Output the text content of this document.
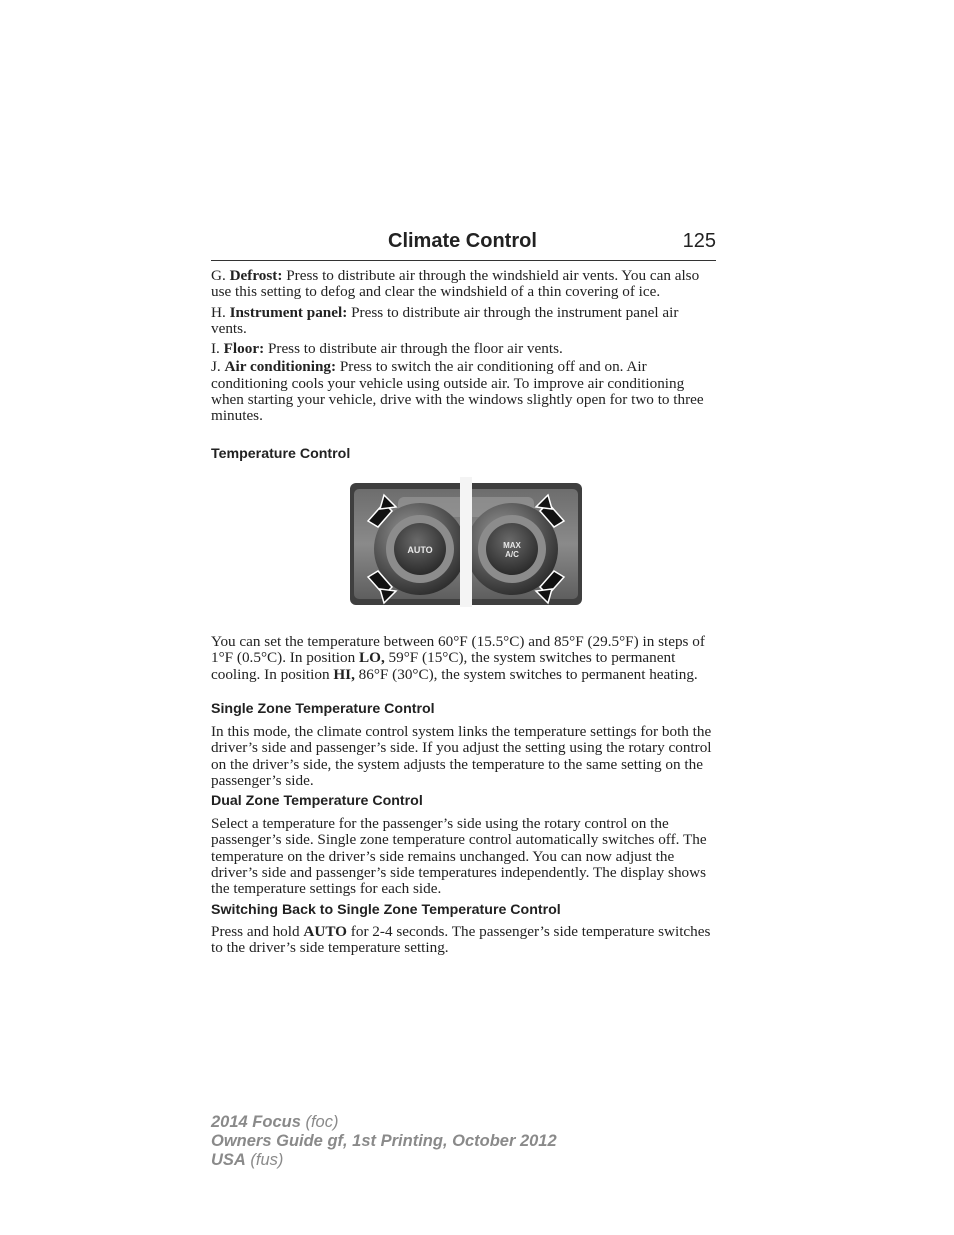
Climate Control	125

G. Defrost: Press to distribute air through the windshield air vents. You can also use this setting to defog and clear the windshield of a thin covering of ice.

H. Instrument panel: Press to distribute air through the instrument panel air vents.

I. Floor: Press to distribute air through the floor air vents.

J. Air conditioning: Press to switch the air conditioning off and on. Air conditioning cools your vehicle using outside air. To improve air conditioning when starting your vehicle, drive with the windows slightly open for two to three minutes.

Temperature Control
AUTO	MAX
A/C

You can set the temperature between 60°F (15.5°C) and 85°F (29.5°F) in steps of 1°F (0.5°C). In position LO, 59°F (15°C), the system switches to permanent cooling. In position HI, 86°F (30°C), the system switches to permanent heating.

Single Zone Temperature Control

In this mode, the climate control system links the temperature settings for both the driver’s side and passenger’s side. If you adjust the setting using the rotary control on the driver’s side, the system adjusts the temperature to the same setting on the passenger’s side.

Dual Zone Temperature Control

Select a temperature for the passenger’s side using the rotary control on the passenger’s side. Single zone temperature control automatically switches off. The temperature on the driver’s side remains unchanged. You can now adjust the driver’s side and passenger’s side temperatures independently. The display shows the temperature settings for each side.

Switching Back to Single Zone Temperature Control

Press and hold AUTO for 2-4 seconds. The passenger’s side temperature switches to the driver’s side temperature setting.

2014 Focus (foc)
Owners Guide gf, 1st Printing, October 2012
USA (fus)
